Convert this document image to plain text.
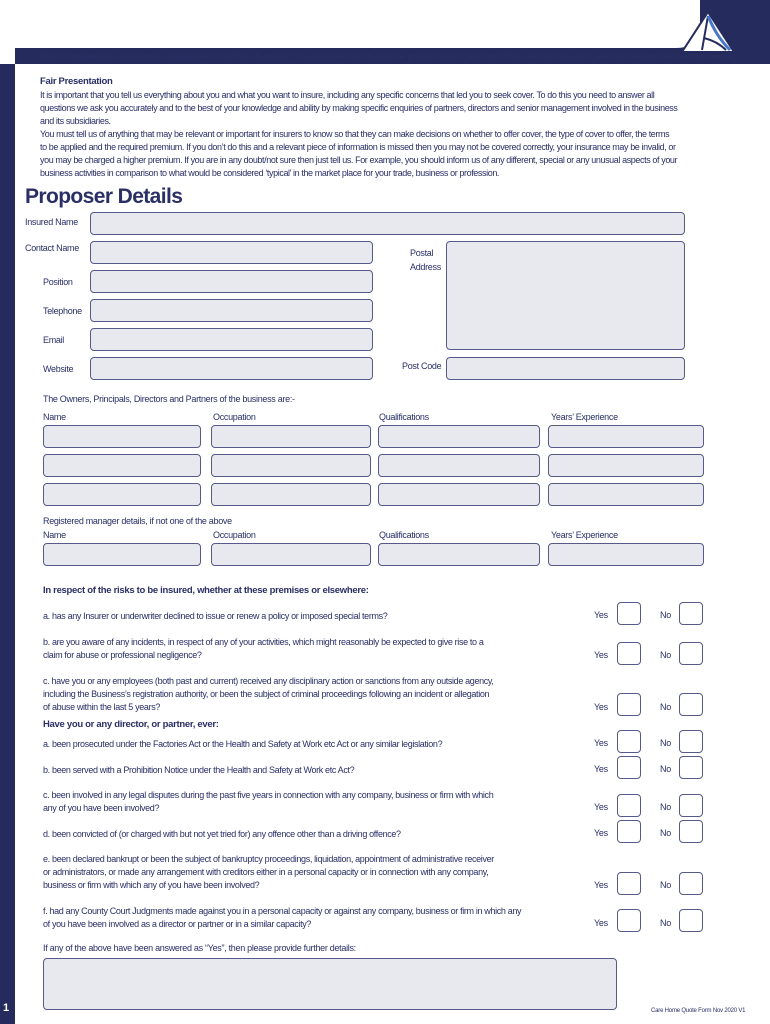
Care Home Quote Form
Before completing this questionnaire, please refer to the Policy Summary. This details the cover that can be provided by the Care Home Policy and will help you to select the sections that meet your needs.
Fair Presentation

It is important that you tell us everything about you and what you want to insure, including any specific concerns that led you to seek cover. To do this you need to answer all

questions we ask you accurately and to the best of your knowledge and ability by making specific enquiries of partners, directors and senior management involved in the business

and its subsidiaries.

You must tell us of anything that may be relevant or important for insurers to know so that they can make decisions on whether to offer cover, the type of cover to offer, the terms

to be applied and the required premium. If you don’t do this and a relevant piece of information is missed then you may not be covered correctly, your insurance may be invalid, or

you may be charged a higher premium. If you are in any doubt/not sure then just tell us. For example, you should inform us of any different, special or any unusual aspects of your

business activities in comparison to what would be considered ‘typical’ in the market place for your trade, business or profession.

Proposer Details
Insured Name
Contact Name
Position
Telephone
Email
Website
Postal
Address
Post Code
The Owners, Principals, Directors and Partners of the business are:-
Name	Occupation	Qualifications	Years’ Experience
Registered manager details, if not one of the above
Name	Occupation	Qualifications	Years’ Experience
In respect of the risks to be insured, whether at these premises or elsewhere:
a. has any Insurer or underwriter declined to issue or renew a policy or imposed special terms?	Yes	No
b. are you aware of any incidents, in respect of any of your activities, which might reasonably be expected to give rise to a
claim for abuse or professional negligence?	Yes	No
c. have you or any employees (both past and current) received any disciplinary action or sanctions from any outside agency,
including the Business’s registration authority, or been the subject of criminal proceedings following an incident or allegation
of abuse within the last 5 years?	Yes	No
Have you or any director, or partner, ever:
a. been prosecuted under the Factories Act or the Health and Safety at Work etc Act or any similar legislation?	Yes	No
b. been served with a Prohibition Notice under the Health and Safety at Work etc Act?	Yes	No
c. been involved in any legal disputes during the past five years in connection with any company, business or firm with which
any of you have been involved?	Yes	No
d. been convicted of (or charged with but not yet tried for) any offence other than a driving offence?	Yes	No
e. been declared bankrupt or been the subject of bankruptcy proceedings, liquidation, appointment of administrative receiver
or administrators, or made any arrangement with creditors either in a personal capacity or in connection with any company,
business or firm with which any of you have been involved?	Yes	No
f. had any County Court Judgments made against you in a personal capacity or against any company, business or firm in which any
of you have been involved as a director or partner or in a similar capacity?	Yes	No
If any of the above have been answered as “Yes”, then please provide further details:
1	Care Home Quote Form Nov 2020 V1
